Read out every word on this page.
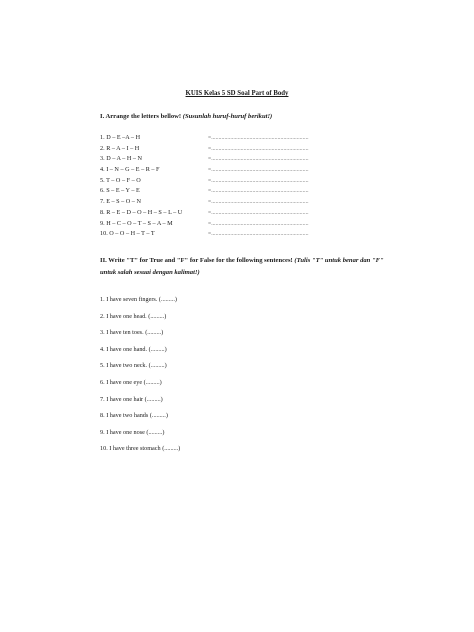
KUIS Kelas 5 SD Soal Part of Body
I. Arrange the letters bellow! (Susunlah huruf-huruf berikut!)
1. D – E –A – H	=..................................................................
2. R – A – I – H	=..................................................................
3. D – A – H – N	=..................................................................
4. I – N – G – E – R – F	=..................................................................
5. T – O – F – O	=..................................................................
6. S – E – Y – E	=..................................................................
7. E – S – O – N	=..................................................................
8. R – E – D – O – H – S – L – U	=..................................................................
9. H – C – O – T – S – A – M	=..................................................................
10. O – O – H – T – T	=..................................................................
II. Write "T" for True and "F" for False for the following sentences! (Tulis "T" untuk benar dan "F" untuk salah sesuai dengan kalimat!)
1. I have seven fingers. (.........)
2. I have one head. (.........)
3. I have ten toes. (.........)
4. I have one hand. (.........)
5. I have two neck. (.........)
6. I have one eye (.........)
7. I have one hair (.........)
8. I have two hands (.........)
9. I have one nose (.........)
10. I have three stomach (.........)
